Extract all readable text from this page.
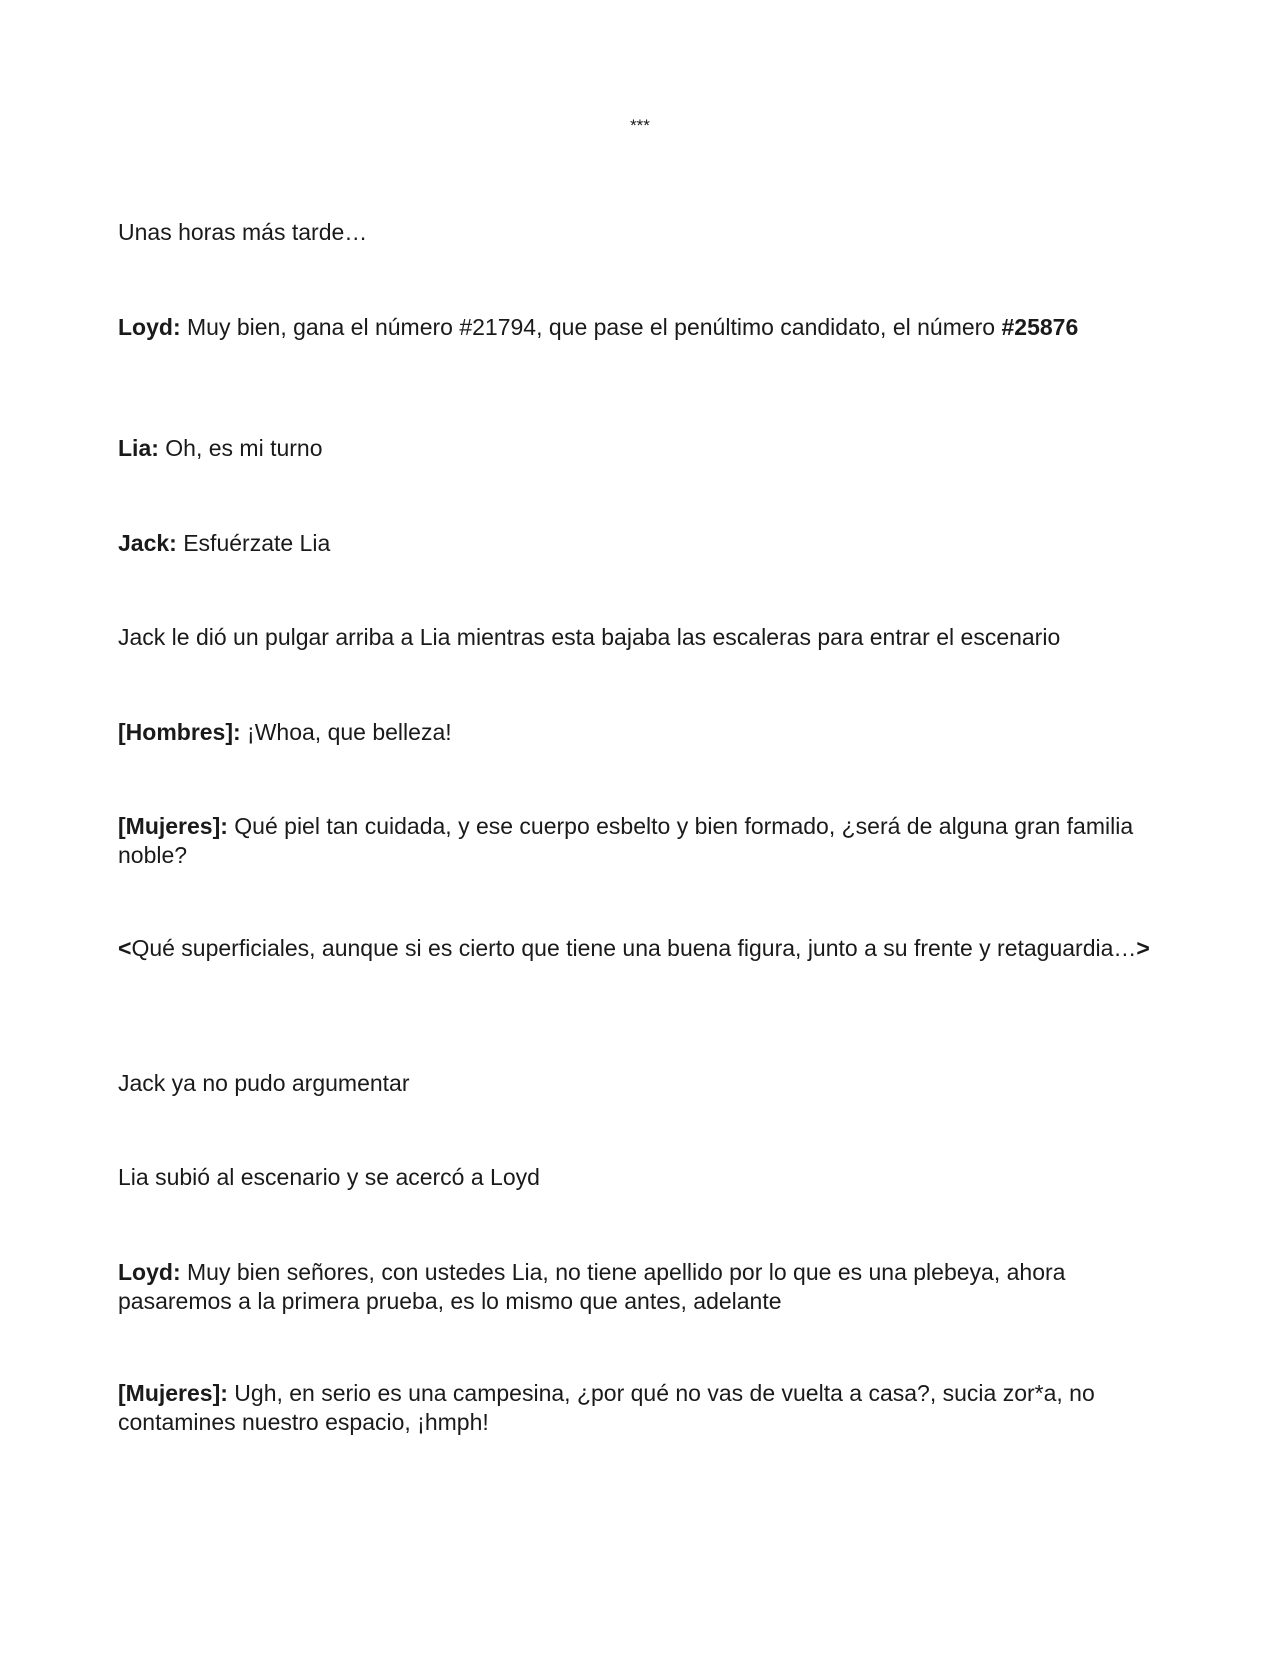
***

Unas horas más tarde…

Loyd: Muy bien, gana el número #21794, que pase el penúltimo candidato, el número #25876

Lia: Oh, es mi turno

Jack: Esfuérzate Lia

Jack le dió un pulgar arriba a Lia mientras esta bajaba las escaleras para entrar el escenario

[Hombres]: ¡Whoa, que belleza!

[Mujeres]: Qué piel tan cuidada, y ese cuerpo esbelto y bien formado, ¿será de alguna gran familia noble?

<Qué superficiales, aunque si es cierto que tiene una buena figura, junto a su frente y retaguardia…>

Jack ya no pudo argumentar

Lia subió al escenario y se acercó a Loyd

Loyd: Muy bien señores, con ustedes Lia, no tiene apellido por lo que es una plebeya, ahora pasaremos a la primera prueba, es lo mismo que antes, adelante

[Mujeres]: Ugh, en serio es una campesina, ¿por qué no vas de vuelta a casa?, sucia zor*a, no contamines nuestro espacio, ¡hmph!
